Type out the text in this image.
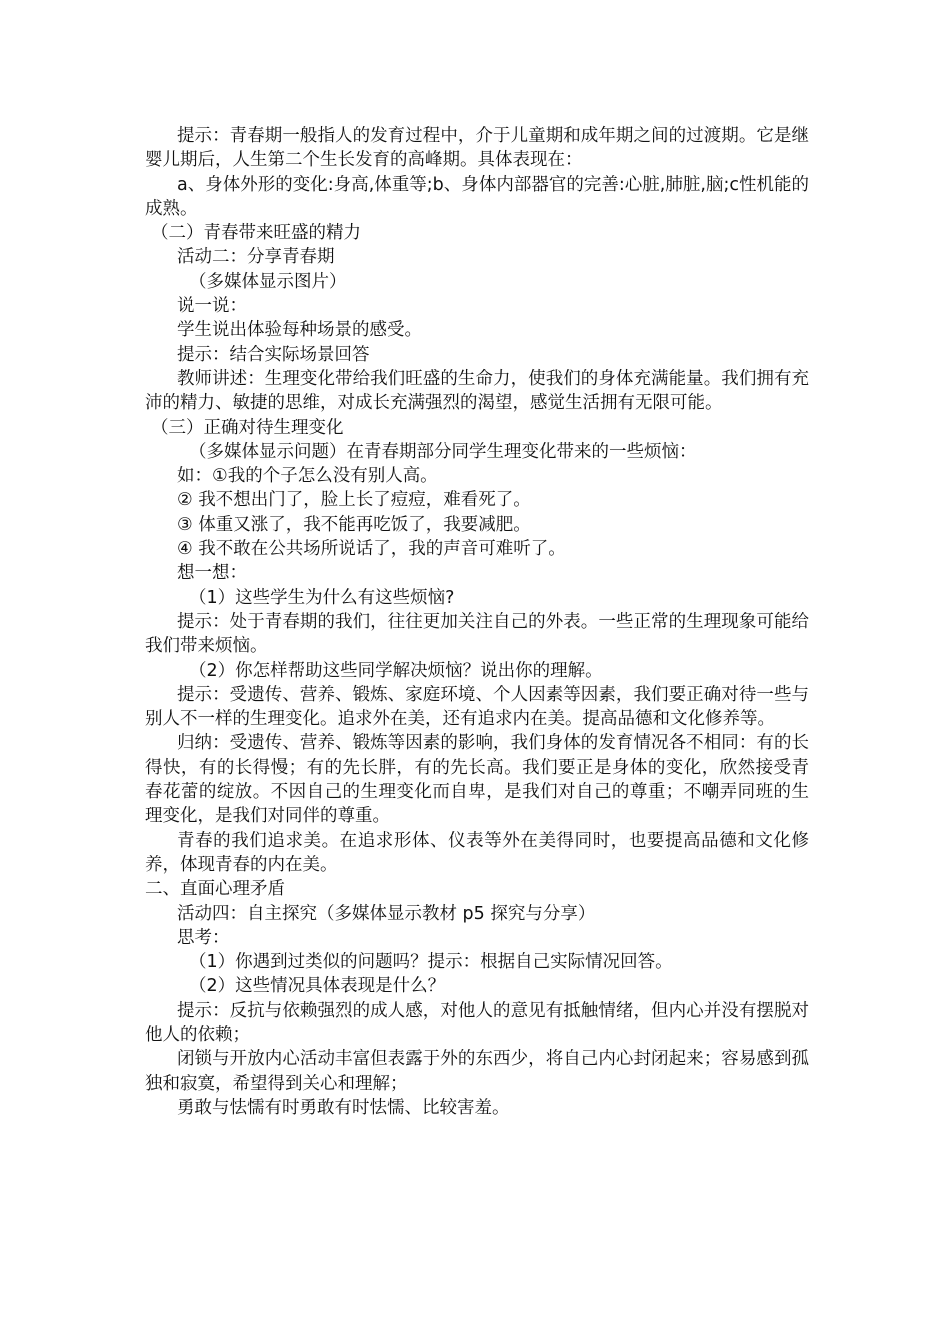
提示：青春期一般指人的发育过程中，介于儿童期和成年期之间的过渡期。它是继婴儿期后，人生第二个生长发育的高峰期。具体表现在：

a、身体外形的变化:身高,体重等;b、身体内部器官的完善:心脏,肺脏,脑;c性机能的成熟。

（二）青春带来旺盛的精力

活动二：分享青春期

（多媒体显示图片）

说一说：

学生说出体验每种场景的感受。

提示：结合实际场景回答

教师讲述：生理变化带给我们旺盛的生命力，使我们的身体充满能量。我们拥有充沛的精力、敏捷的思维，对成长充满强烈的渴望，感觉生活拥有无限可能。

（三）正确对待生理变化

（多媒体显示问题）在青春期部分同学生理变化带来的一些烦恼：

如：①我的个子怎么没有别人高。

② 我不想出门了，脸上长了痘痘，难看死了。

③ 体重又涨了，我不能再吃饭了，我要减肥。

④ 我不敢在公共场所说话了，我的声音可难听了。

想一想：

（1）这些学生为什么有这些烦恼?

提示：处于青春期的我们，往往更加关注自己的外表。一些正常的生理现象可能给我们带来烦恼。

（2）你怎样帮助这些同学解决烦恼？说出你的理解。

提示：受遗传、营养、锻炼、家庭环境、个人因素等因素，我们要正确对待一些与别人不一样的生理变化。追求外在美，还有追求内在美。提高品德和文化修养等。

归纳：受遗传、营养、锻炼等因素的影响，我们身体的发育情况各不相同：有的长得快，有的长得慢；有的先长胖，有的先长高。我们要正是身体的变化，欣然接受青春花蕾的绽放。不因自己的生理变化而自卑，是我们对自己的尊重；不嘲弄同班的生理变化，是我们对同伴的尊重。

青春的我们追求美。在追求形体、仪表等外在美得同时，也要提高品德和文化修养，体现青春的内在美。

二、直面心理矛盾

活动四：自主探究（多媒体显示教材 p5 探究与分享）

思考：

（1）你遇到过类似的问题吗？提示：根据自己实际情况回答。

（2）这些情况具体表现是什么？

提示：反抗与依赖强烈的成人感，对他人的意见有抵触情绪，但内心并没有摆脱对他人的依赖；

闭锁与开放内心活动丰富但表露于外的东西少，将自己内心封闭起来；容易感到孤独和寂寞，希望得到关心和理解；

勇敢与怯懦有时勇敢有时怯懦、比较害羞。
